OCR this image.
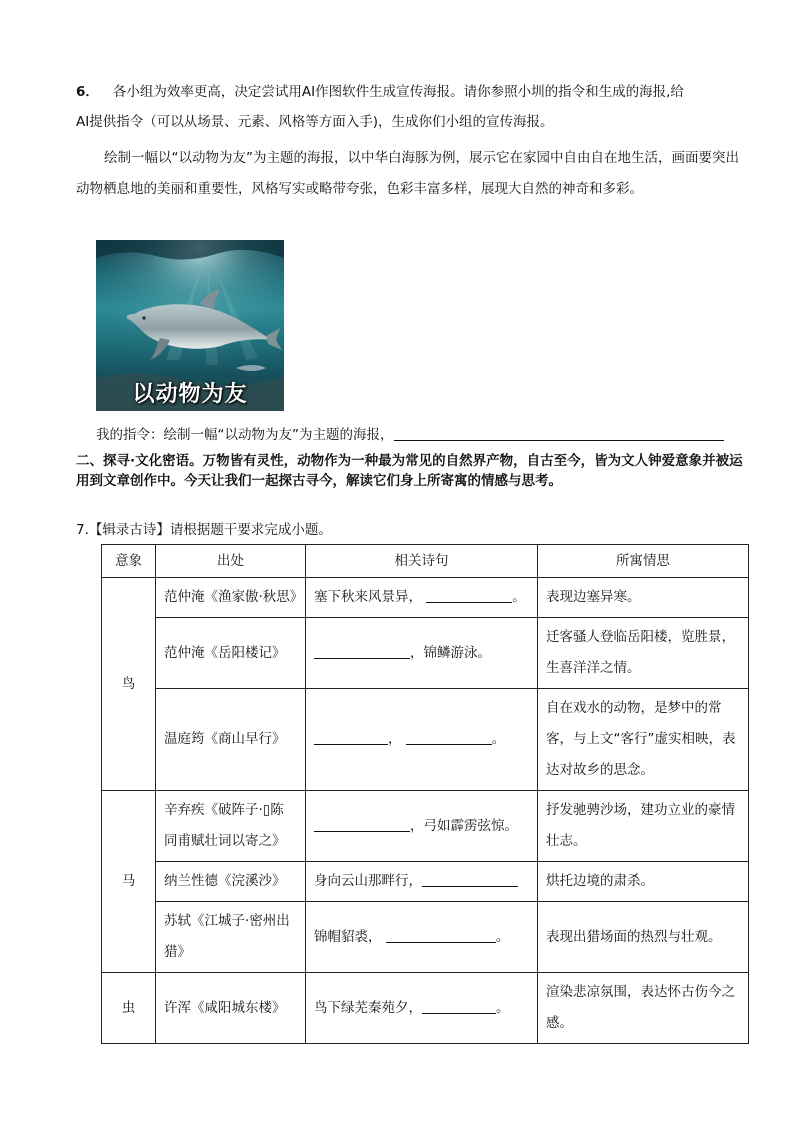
6． 各小组为效率更高，决定尝试用AI作图软件生成宣传海报。请你参照小圳的指令和生成的海报,给
AI提供指令（可以从场景、元素、风格等方面入手)，生成你们小组的宣传海报。
绘制一幅以“以动物为友”为主题的海报，以中华白海豚为例，展示它在家园中自由自在地生活，画面要突出动物栖息地的美丽和重要性，风格写实或略带夸张，色彩丰富多样，展现大自然的神奇和多彩。
以动物为友
我的指令：绘制一幅“以动物为友”为主题的海报，
二、探寻·文化密语。万物皆有灵性，动物作为一种最为常见的自然界产物，自古至今，皆为文人钟爱意象并被运用到文章创作中。今天让我们一起探古寻今，解读它们身上所寄寓的情感与思考。
7.【辑录古诗】请根据题干要求完成小题。
意象	出处	相关诗句	所寓情思
鸟	范仲淹《渔家傲·秋思》	塞下秋来风景异， 。	表现边塞异寒。
	范仲淹《岳阳楼记》	，锦鳞游泳。	迁客骚人登临岳阳楼，览胜景，生喜洋洋之情。
	温庭筠《商山早行》	， 。	自在戏水的动物，是梦中的常客，与上文“客行”虚实相映，表达对故乡的思念。
马	辛弃疾《破阵子·▯陈同甫赋壮词以寄之》	，弓如霹雳弦惊。	抒发驰骋沙场，建功立业的豪情壮志。
	纳兰性德《浣溪沙》	身向云山那畔行，	烘托边境的肃杀。
	苏轼《江城子·密州出猎》	锦帽貂裘， 。	表现出猎场面的热烈与壮观。
虫	许浑《咸阳城东楼》	鸟下绿芜秦苑夕， 。	渲染悲凉氛围，表达怀古伤今之感。
